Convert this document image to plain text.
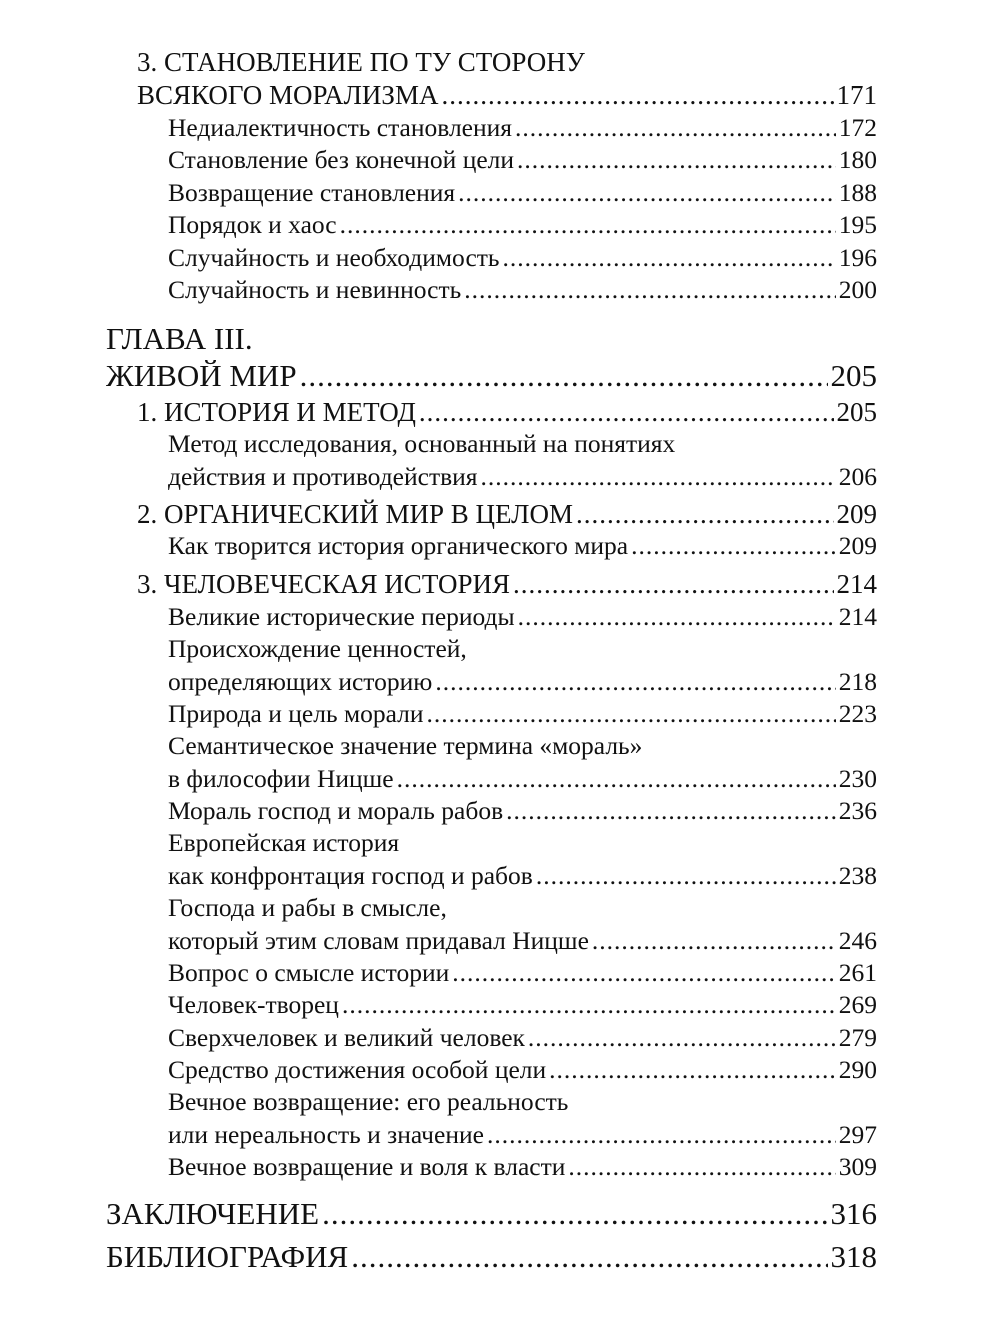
3. СТАНОВЛЕНИЕ ПО ТУ СТОРОНУ
ВСЯКОГО МОРАЛИЗМА .....	171
Недиалектичность становления .....	172
Становление без конечной цели .....	180
Возвращение становления .....	188
Порядок и хаос .....	195
Случайность и необходимость .....	196
Случайность и невинность .....	200
ГЛАВА III.
ЖИВОЙ МИР .....	205
1. ИСТОРИЯ И МЕТОД .....	205
Метод исследования, основанный на понятиях
действия и противодействия .....	206
2. ОРГАНИЧЕСКИЙ МИР В ЦЕЛОМ .....	209
Как творится история органического мира .....	209
3. ЧЕЛОВЕЧЕСКАЯ ИСТОРИЯ .....	214
Великие исторические периоды .....	214
Происхождение ценностей,
определяющих историю .....	218
Природа и цель морали .....	223
Семантическое значение термина «мораль»
в философии Ницше .....	230
Мораль господ и мораль рабов .....	236
Европейская история
как конфронтация господ и рабов .....	238
Господа и рабы в смысле,
который этим словам придавал Ницше .....	246
Вопрос о смысле истории .....	261
Человек-творец .....	269
Сверхчеловек и великий человек .....	279
Средство достижения особой цели .....	290
Вечное возвращение: его реальность
или нереальность и значение .....	297
Вечное возвращение и воля к власти .....	309
ЗАКЛЮЧЕНИЕ .....	316
БИБЛИОГРАФИЯ .....	318
